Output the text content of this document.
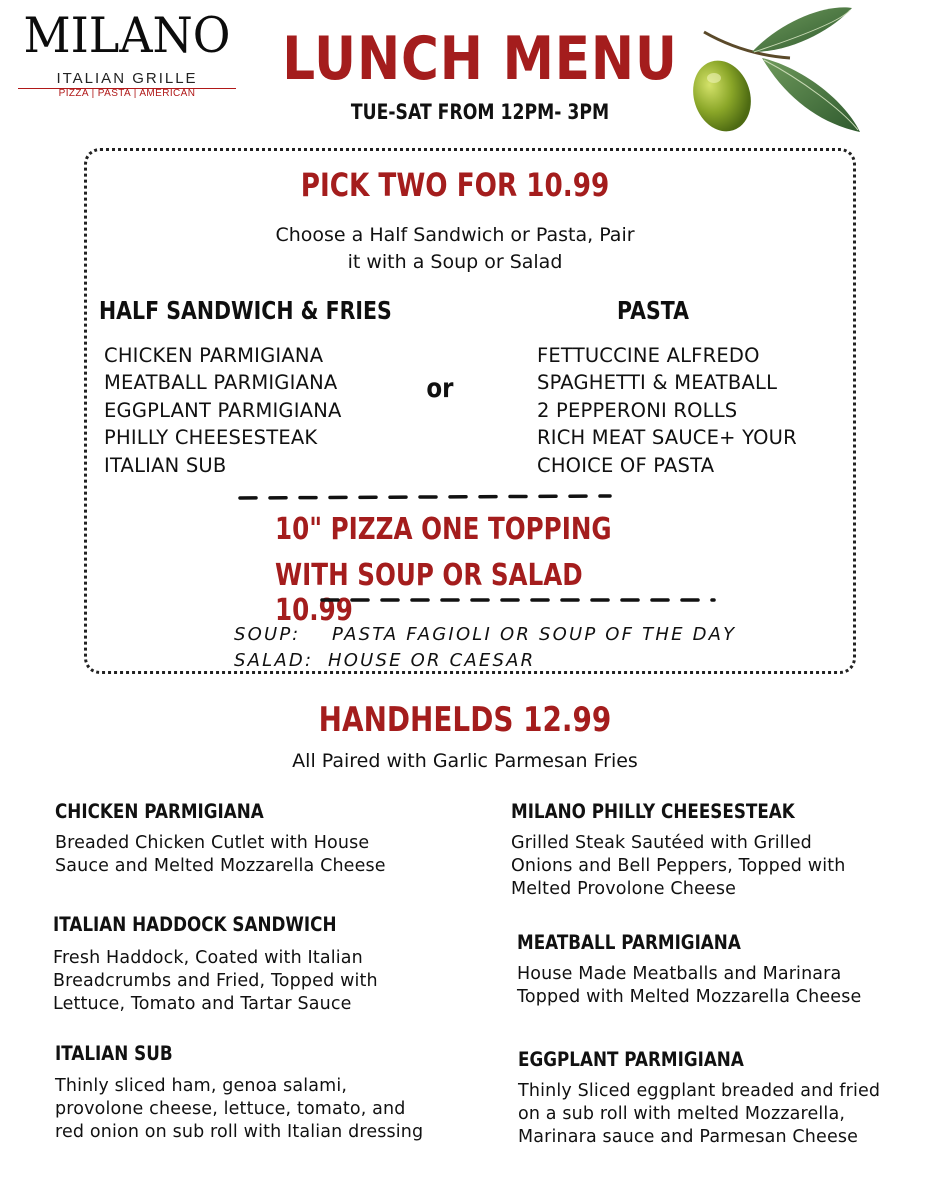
MILANO
ITALIAN GRILLE
PIZZA | PASTA | AMERICAN	LUNCH MENU
TUE-SAT FROM 12PM- 3PM
PICK TWO FOR 10.99
Choose a Half Sandwich or Pasta, Pair
it with a Soup or Salad
HALF SANDWICH & FRIES	PASTA
CHICKEN PARMIGIANA
MEATBALL PARMIGIANA
EGGPLANT PARMIGIANA
PHILLY CHEESESTEAK
ITALIAN SUB
or
FETTUCCINE ALFREDO
SPAGHETTI & MEATBALL
2 PEPPERONI ROLLS
RICH MEAT SAUCE+ YOUR
CHOICE OF PASTA
10" PIZZA ONE TOPPING
WITH SOUP OR SALAD 10.99
SOUP: PASTA FAGIOLI OR SOUP OF THE DAY
SALAD: HOUSE OR CAESAR
HANDHELDS 12.99
All Paired with Garlic Parmesan Fries
CHICKEN PARMIGIANA
Breaded Chicken Cutlet with House
Sauce and Melted Mozzarella Cheese
MILANO PHILLY CHEESESTEAK
Grilled Steak Sautéed with Grilled
Onions and Bell Peppers, Topped with
Melted Provolone Cheese
ITALIAN HADDOCK SANDWICH
Fresh Haddock, Coated with Italian
Breadcrumbs and Fried, Topped with
Lettuce, Tomato and Tartar Sauce
MEATBALL PARMIGIANA
House Made Meatballs and Marinara
Topped with Melted Mozzarella Cheese
ITALIAN SUB
Thinly sliced ham, genoa salami,
provolone cheese, lettuce, tomato, and
red onion on sub roll with Italian dressing
EGGPLANT PARMIGIANA
Thinly Sliced eggplant breaded and fried
on a sub roll with melted Mozzarella,
Marinara sauce and Parmesan Cheese
